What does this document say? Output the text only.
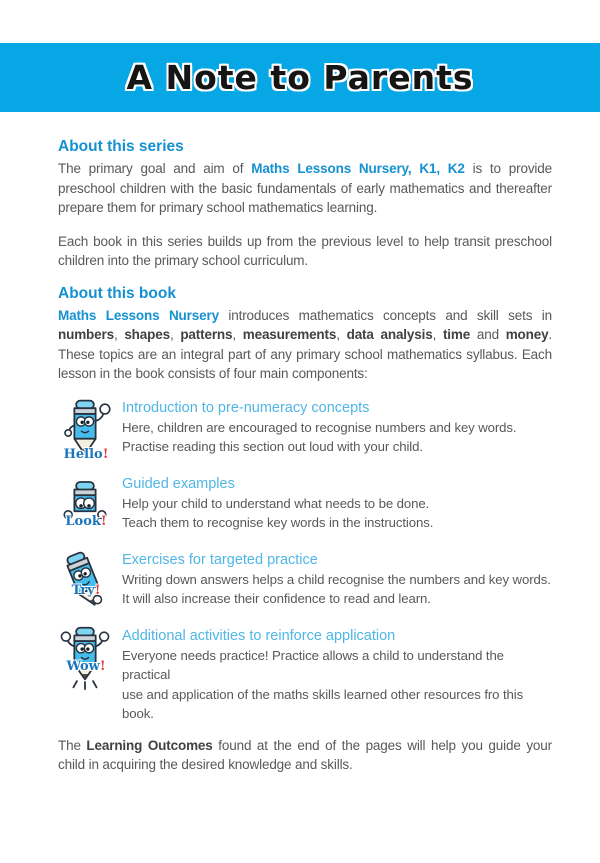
A Note to Parents
About this series

The primary goal and aim of Maths Lessons Nursery, K1, K2 is to provide preschool children with the basic fundamentals of early mathematics and thereafter prepare them for primary school mathematics learning.

Each book in this series builds up from the previous level to help transit preschool children into the primary school curriculum.

About this book

Maths Lessons Nursery introduces mathematics concepts and skill sets in numbers, shapes, patterns, measurements, data analysis, time and money. These topics are an integral part of any primary school mathematics syllabus. Each lesson in the book consists of four main components:

Hello!
Introduction to pre-numeracy concepts
Here, children are encouraged to recognise numbers and key words.
Practise reading this section out loud with your child.
Look!
Guided examples
Help your child to understand what needs to be done.
Teach them to recognise key words in the instructions.
Try!
Exercises for targeted practice
Writing down answers helps a child recognise the numbers and key words.
It will also increase their confidence to read and learn.
Wow!
Additional activities to reinforce application
Everyone needs practice! Practice allows a child to understand the practical
use and application of the maths skills learned other resources fro this book.

The Learning Outcomes found at the end of the pages will help you guide your child in acquiring the desired knowledge and skills.
